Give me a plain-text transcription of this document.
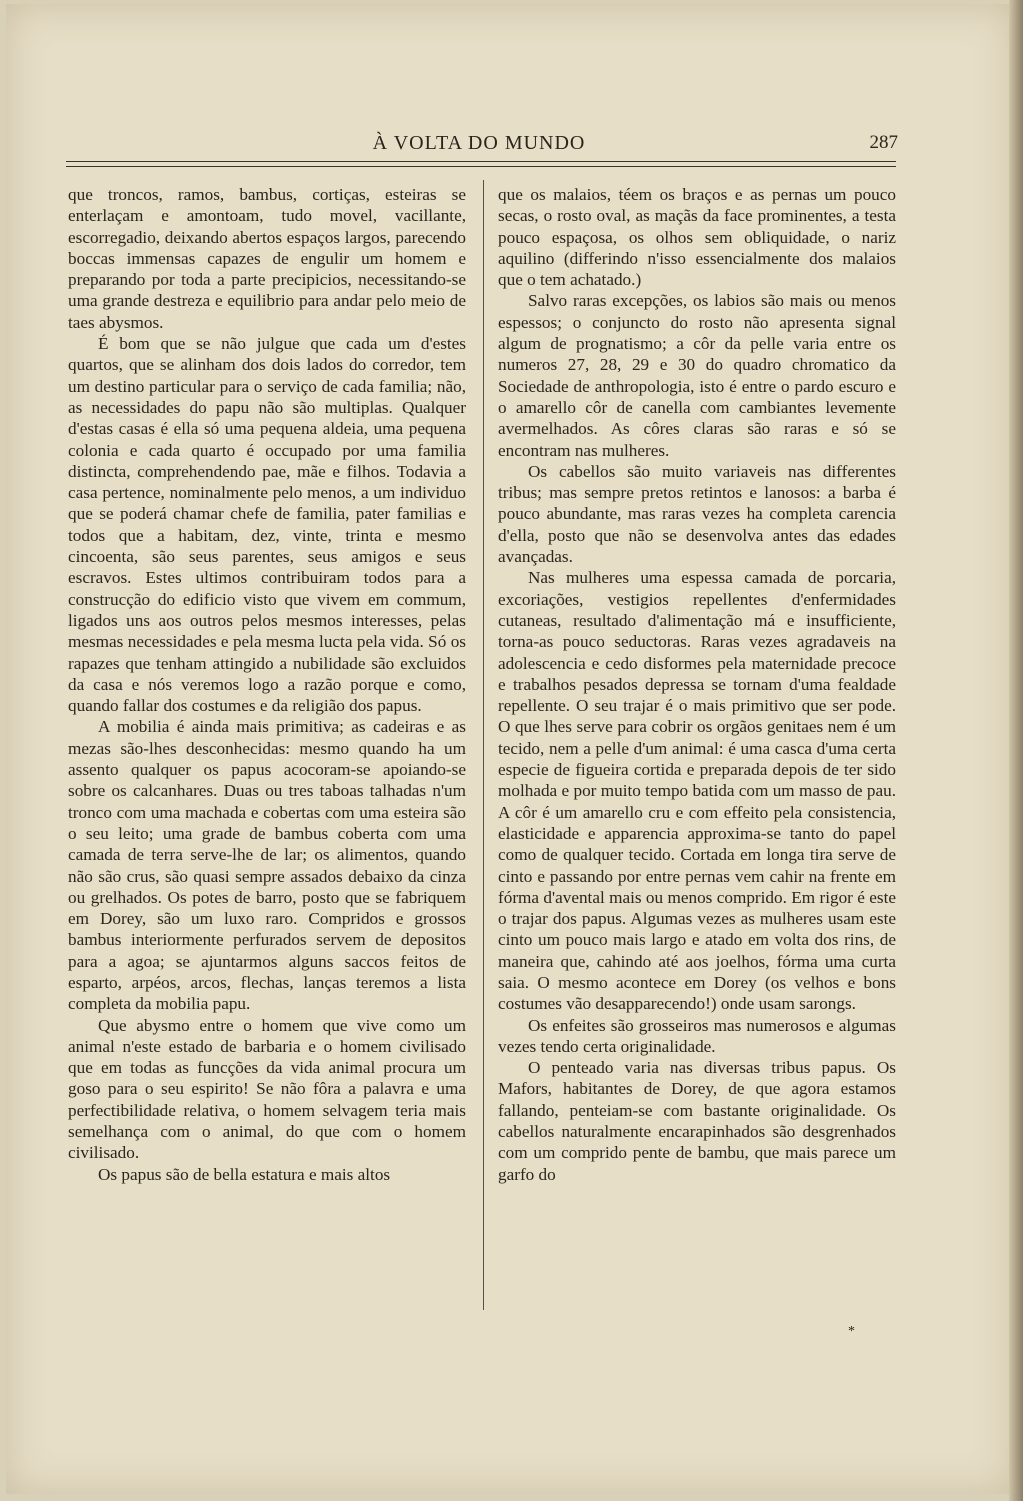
À VOLTA DO MUNDO	287

que troncos, ramos, bambus, cortiças, esteiras se enterlaçam e amontoam, tudo movel, vacillante, escorregadio, deixando abertos espaços largos, parecendo boccas immensas capazes de engulir um homem e preparando por toda a parte precipicios, necessitando-se uma grande destreza e equilibrio para andar pelo meio de taes abysmos.

É bom que se não julgue que cada um d'estes quartos, que se alinham dos dois lados do corredor, tem um destino particular para o serviço de cada familia; não, as necessidades do papu não são multiplas. Qualquer d'estas casas é ella só uma pequena aldeia, uma pequena colonia e cada quarto é occupado por uma familia distincta, comprehendendo pae, mãe e filhos. Todavia a casa pertence, nominalmente pelo menos, a um individuo que se poderá chamar chefe de familia, pater familias e todos que a habitam, dez, vinte, trinta e mesmo cincoenta, são seus parentes, seus amigos e seus escravos. Estes ultimos contribuiram todos para a construcção do edificio visto que vivem em commum, ligados uns aos outros pelos mesmos interesses, pelas mesmas necessidades e pela mesma lucta pela vida. Só os rapazes que tenham attingido a nubilidade são excluidos da casa e nós veremos logo a razão porque e como, quando fallar dos costumes e da religião dos papus.

A mobilia é ainda mais primitiva; as cadeiras e as mezas são-lhes desconhecidas: mesmo quando ha um assento qualquer os papus acocoram-se apoiando-se sobre os calcanhares. Duas ou tres taboas talhadas n'um tronco com uma machada e cobertas com uma esteira são o seu leito; uma grade de bambus coberta com uma camada de terra serve-lhe de lar; os alimentos, quando não são crus, são quasi sempre assados debaixo da cinza ou grelhados. Os potes de barro, posto que se fabriquem em Dorey, são um luxo raro. Compridos e grossos bambus interiormente perfurados servem de depositos para a agoa; se ajuntarmos alguns saccos feitos de esparto, arpéos, arcos, flechas, lanças teremos a lista completa da mobilia papu.

Que abysmo entre o homem que vive como um animal n'este estado de barbaria e o homem civilisado que em todas as funcções da vida animal procura um goso para o seu espirito! Se não fôra a palavra e uma perfectibilidade relativa, o homem selvagem teria mais semelhança com o animal, do que com o homem civilisado.

Os papus são de bella estatura e mais altos

que os malaios, téem os braços e as pernas um pouco secas, o rosto oval, as maçãs da face prominentes, a testa pouco espaçosa, os olhos sem obliquidade, o nariz aquilino (differindo n'isso essencialmente dos malaios que o tem achatado.)

Salvo raras excepções, os labios são mais ou menos espessos; o conjuncto do rosto não apresenta signal algum de prognatismo; a côr da pelle varia entre os numeros 27, 28, 29 e 30 do quadro chromatico da Sociedade de anthropologia, isto é entre o pardo escuro e o amarello côr de canella com cambiantes levemente avermelhados. As côres claras são raras e só se encontram nas mulheres.

Os cabellos são muito variaveis nas differentes tribus; mas sempre pretos retintos e lanosos: a barba é pouco abundante, mas raras vezes ha completa carencia d'ella, posto que não se desenvolva antes das edades avançadas.

Nas mulheres uma espessa camada de porcaria, excoriações, vestigios repellentes d'enfermidades cutaneas, resultado d'alimentação má e insufficiente, torna-as pouco seductoras. Raras vezes agradaveis na adolescencia e cedo disformes pela maternidade precoce e trabalhos pesados depressa se tornam d'uma fealdade repellente. O seu trajar é o mais primitivo que ser pode. O que lhes serve para cobrir os orgãos genitaes nem é um tecido, nem a pelle d'um animal: é uma casca d'uma certa especie de figueira cortida e preparada depois de ter sido molhada e por muito tempo batida com um masso de pau. A côr é um amarello cru e com effeito pela consistencia, elasticidade e apparencia approxima-se tanto do papel como de qualquer tecido. Cortada em longa tira serve de cinto e passando por entre pernas vem cahir na frente em fórma d'avental mais ou menos comprido. Em rigor é este o trajar dos papus. Algumas vezes as mulheres usam este cinto um pouco mais largo e atado em volta dos rins, de maneira que, cahindo até aos joelhos, fórma uma curta saia. O mesmo acontece em Dorey (os velhos e bons costumes vão desapparecendo!) onde usam sarongs.

Os enfeites são grosseiros mas numerosos e algumas vezes tendo certa originalidade.

O penteado varia nas diversas tribus papus. Os Mafors, habitantes de Dorey, de que agora estamos fallando, penteiam-se com bastante originalidade. Os cabellos naturalmente encarapinhados são desgrenhados com um comprido pente de bambu, que mais parece um garfo do

*
